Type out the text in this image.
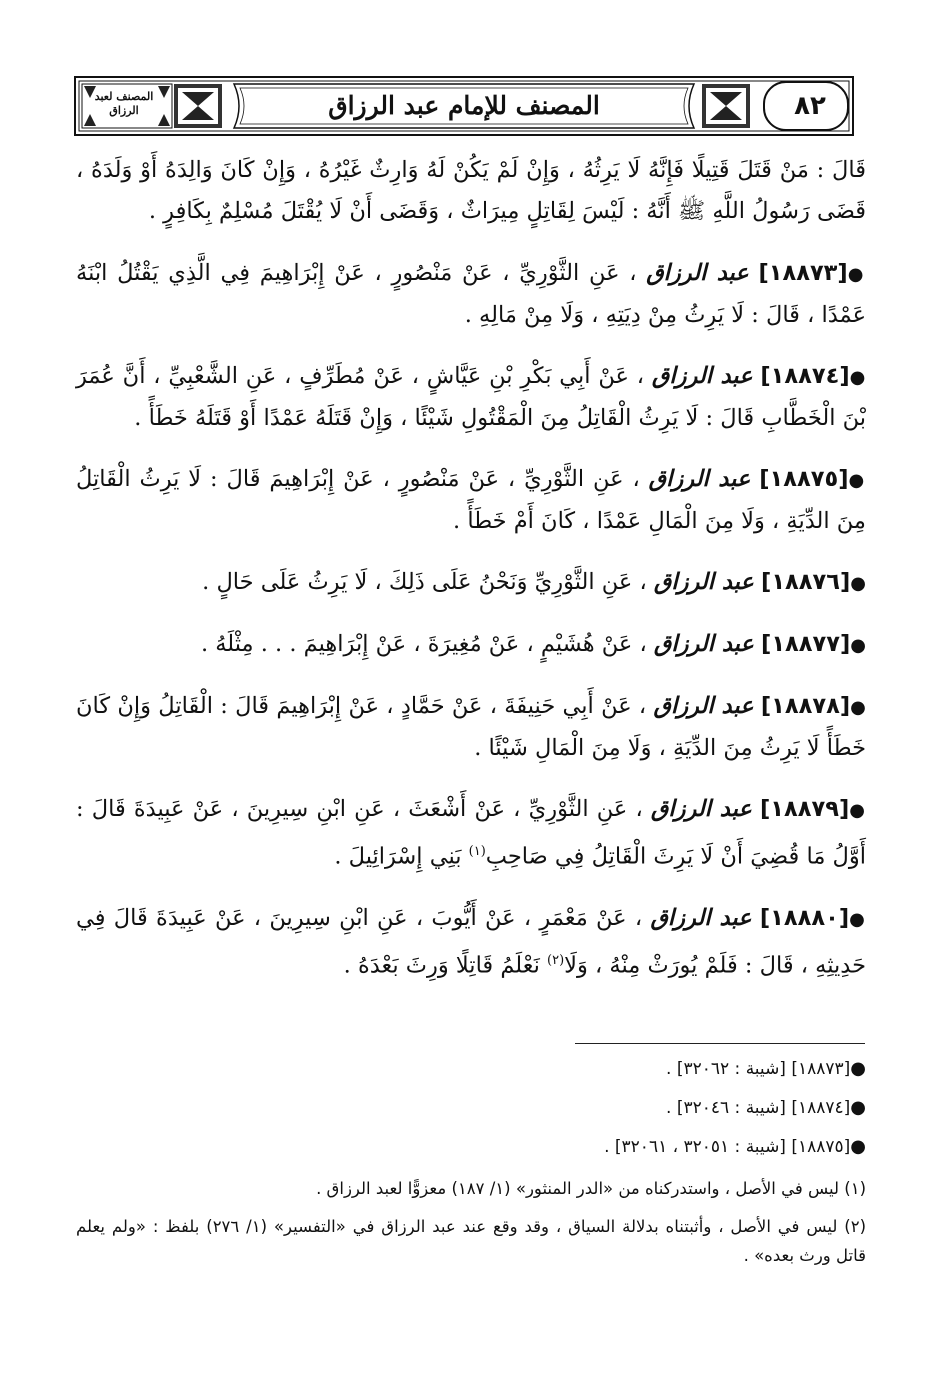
المصنف لعبد الرزاق	المصنف للإمام عبد الرزاق	٨٢

قَالَ : مَنْ قَتَلَ قَتِيلًا فَإِنَّهُ لَا يَرِثُهُ ، وَإِنْ لَمْ يَكُنْ لَهُ وَارِثٌ غَيْرُهُ ، وَإِنْ كَانَ وَالِدَهُ أَوْ وَلَدَهُ ، قَضَى رَسُولُ اللَّهِ ﷺ أَنَّهُ : لَيْسَ لِقَاتِلٍ مِيرَاثٌ ، وَقَضَى أَنْ لَا يُقْتَلَ مُسْلِمٌ بِكَافِرٍ .

●[١٨٨٧٣] عبد الرزاق ، عَنِ الثَّوْرِيِّ ، عَنْ مَنْصُورٍ ، عَنْ إِبْرَاهِيمَ فِي الَّذِي يَقْتُلُ ابْنَهُ عَمْدًا ، قَالَ : لَا يَرِثُ مِنْ دِيَتِهِ ، وَلَا مِنْ مَالِهِ .

●[١٨٨٧٤] عبد الرزاق ، عَنْ أَبِي بَكْرِ بْنِ عَيَّاشٍ ، عَنْ مُطَرِّفٍ ، عَنِ الشَّعْبِيِّ ، أَنَّ عُمَرَ بْنَ الْخَطَّابِ قَالَ : لَا يَرِثُ الْقَاتِلُ مِنَ الْمَقْتُولِ شَيْئًا ، وَإِنْ قَتَلَهُ عَمْدًا أَوْ قَتَلَهُ خَطَأً .

●[١٨٨٧٥] عبد الرزاق ، عَنِ الثَّوْرِيِّ ، عَنْ مَنْصُورٍ ، عَنْ إِبْرَاهِيمَ قَالَ : لَا يَرِثُ الْقَاتِلُ مِنَ الدِّيَةِ ، وَلَا مِنَ الْمَالِ عَمْدًا ، كَانَ أَمْ خَطَأً .

●[١٨٨٧٦] عبد الرزاق ، عَنِ الثَّوْرِيِّ وَنَحْنُ عَلَى ذَلِكَ ، لَا يَرِثُ عَلَى حَالٍ .

●[١٨٨٧٧] عبد الرزاق ، عَنْ هُشَيْمٍ ، عَنْ مُغِيرَةَ ، عَنْ إِبْرَاهِيمَ . . . مِثْلَهُ .

●[١٨٨٧٨] عبد الرزاق ، عَنْ أَبِي حَنِيفَةَ ، عَنْ حَمَّادٍ ، عَنْ إِبْرَاهِيمَ قَالَ : الْقَاتِلُ وَإِنْ كَانَ خَطَأً لَا يَرِثُ مِنَ الدِّيَةِ ، وَلَا مِنَ الْمَالِ شَيْئًا .

●[١٨٨٧٩] عبد الرزاق ، عَنِ الثَّوْرِيِّ ، عَنْ أَشْعَثَ ، عَنِ ابْنِ سِيرِينَ ، عَنْ عَبِيدَةَ قَالَ : أَوَّلُ مَا قُضِيَ أَنْ لَا يَرِثَ الْقَاتِلُ فِي صَاحِبِ$^{(١)}$ بَنِي إِسْرَائِيلَ .

●[١٨٨٨٠] عبد الرزاق ، عَنْ مَعْمَرٍ ، عَنْ أَيُّوبَ ، عَنِ ابْنِ سِيرِينَ ، عَنْ عَبِيدَةَ قَالَ فِي حَدِيثِهِ ، قَالَ : فَلَمْ يُورَثْ مِنْهُ ، وَلَا$^{(٢)}$ نَعْلَمُ قَاتِلًا وَرِثَ بَعْدَهُ .

●[١٨٨٧٣] [شيبة : ٣٢٠٦٢] .

●[١٨٨٧٤] [شيبة : ٣٢٠٤٦] .

●[١٨٨٧٥] [شيبة : ٣٢٠٥١ ، ٣٢٠٦١] .

(١) ليس في الأصل ، واستدركناه من «الدر المنثور» (١/ ١٨٧) معزوًّا لعبد الرزاق .

(٢) ليس في الأصل ، وأثبتناه بدلالة السياق ، وقد وقع عند عبد الرزاق في «التفسير» (١/ ٢٧٦) بلفظ : «ولم يعلم قاتل ورث بعده» .
